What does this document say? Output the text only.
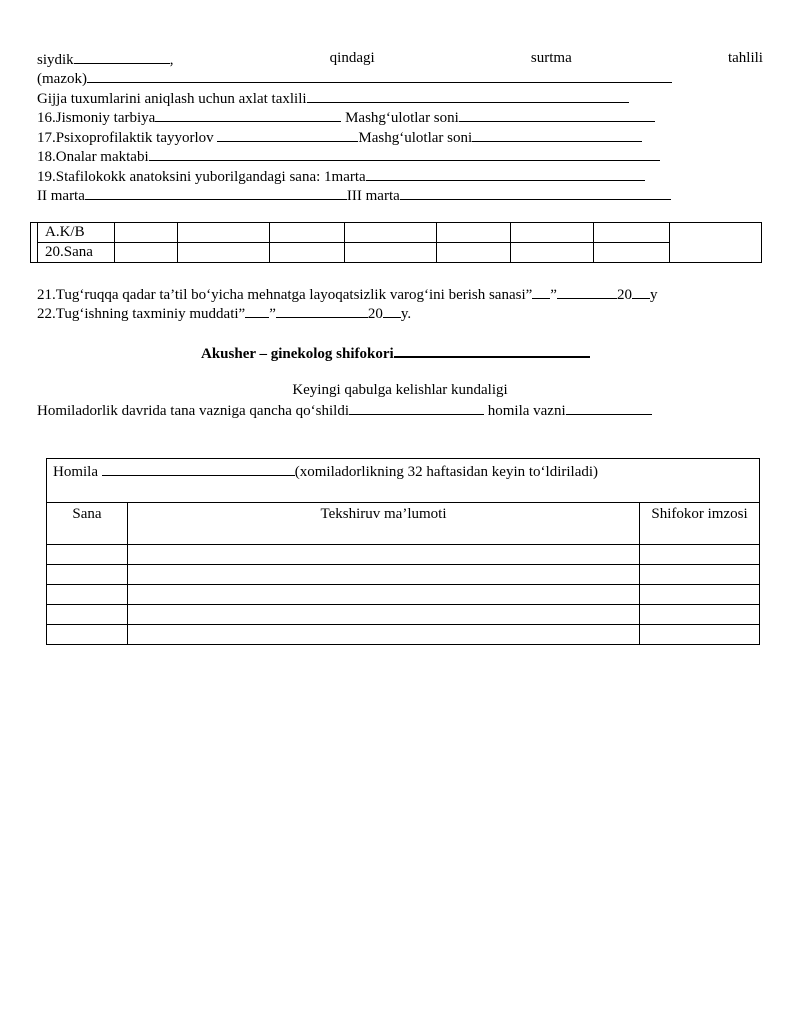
siydik	,	qindagi	surtma	tahlili
(mazok)
Gijja tuxumlarini aniqlash uchun axlat taxlili
16.Jismoniy tarbiya	Mashg‘ulotlar soni
17.Psixoprofilaktik tayyorlov	Mashg‘ulotlar soni
18.Onalar maktabi
19.Stafilokokk anatoksini yuborilgandagi sana: 1marta
II marta	III marta
	A.K/B								
	20.Sana								
21.Tug‘ruqqa qadar ta’til bo‘yicha mehnatga layoqatsizlik varog‘ini berish sanasi” ”	20 y
22.Tug‘ishning taxminiy muddati” ”	20 y.
Akusher – ginekolog shifokori
Keyingi qabulga kelishlar kundaligi
Homiladorlik davrida tana vazniga qancha qo‘shildi	homila vazni
Homila (xomiladorlikning 32 haftasidan keyin to‘ldiriladi)		
Sana	Tekshiruv ma’lumoti	Shifokor imzosi
